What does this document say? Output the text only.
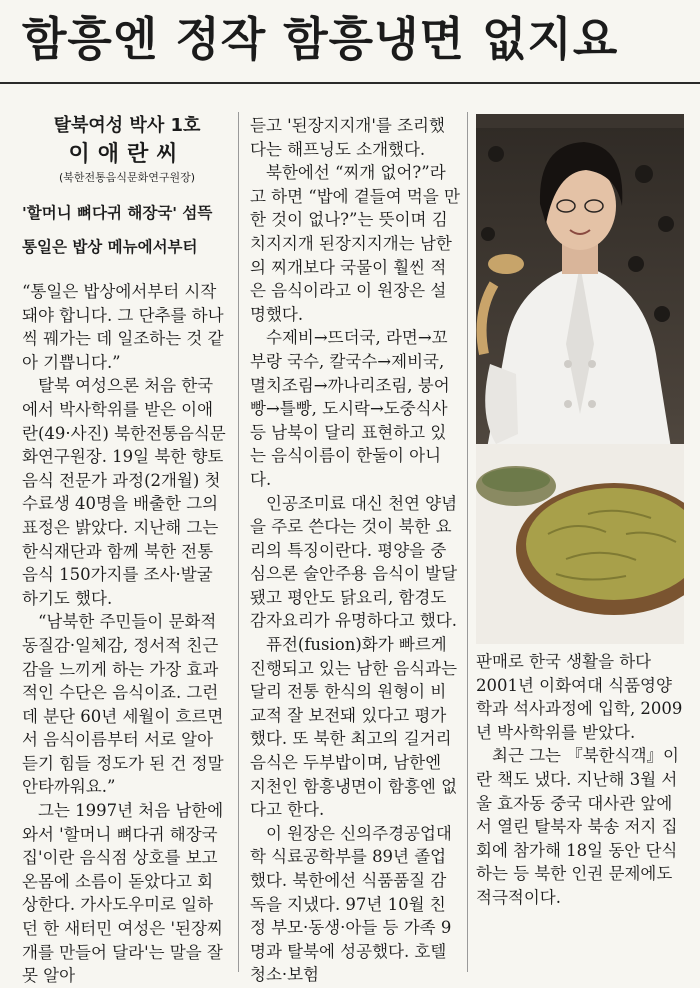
함흥엔 정작 함흥냉면 없지요
탈북여성 박사 1호
이애란씨
(북한전통음식문화연구원장)
'할머니 뼈다귀 해장국' 섬뜩
통일은 밥상 메뉴에서부터

“통일은 밥상에서부터 시작돼야 합니다. 그 단추를 하나씩 꿰가는 데 일조하는 것 같아 기쁩니다.”

탈북 여성으론 처음 한국에서 박사학위를 받은 이애란(49·사진) 북한전통음식문화연구원장. 19일 북한 향토음식 전문가 과정(2개월) 첫 수료생 40명을 배출한 그의 표정은 밝았다. 지난해 그는 한식재단과 함께 북한 전통음식 150가지를 조사·발굴하기도 했다.

“남북한 주민들이 문화적 동질감·일체감, 정서적 친근감을 느끼게 하는 가장 효과적인 수단은 음식이죠. 그런데 분단 60년 세월이 흐르면서 음식이름부터 서로 알아듣기 힘들 정도가 된 건 정말 안타까워요.”

그는 1997년 처음 남한에 와서 '할머니 뼈다귀 해장국집'이란 음식점 상호를 보고 온몸에 소름이 돋았다고 회상한다. 가사도우미로 일하던 한 새터민 여성은 '된장찌개를 만들어 달라'는 말을 잘못 알아

듣고 '된장지지개'를 조리했다는 해프닝도 소개했다.

북한에선 “찌개 없어?”라고 하면 “밥에 곁들여 먹을 만한 것이 없나?”는 뜻이며 김치지지개 된장지지개는 남한의 찌개보다 국물이 훨씬 적은 음식이라고 이 원장은 설명했다.

수제비→뜨더국, 라면→꼬부랑 국수, 칼국수→제비국, 멸치조림→까나리조림, 붕어빵→틀빵, 도시락→도중식사 등 남북이 달리 표현하고 있는 음식이름이 한둘이 아니다.

인공조미료 대신 천연 양념을 주로 쓴다는 것이 북한 요리의 특징이란다. 평양을 중심으론 술안주용 음식이 발달됐고 평안도 닭요리, 함경도 감자요리가 유명하다고 했다.

퓨전(fusion)화가 빠르게 진행되고 있는 남한 음식과는 달리 전통 한식의 원형이 비교적 잘 보전돼 있다고 평가했다. 또 북한 최고의 길거리 음식은 두부밥이며, 남한엔 지천인 함흥냉면이 함흥엔 없다고 한다.

이 원장은 신의주경공업대학 식료공학부를 89년 졸업했다. 북한에선 식품품질 감독을 지냈다. 97년 10월 친정 부모·동생·아들 등 가족 9명과 탈북에 성공했다. 호텔 청소·보험

판매로 한국 생활을 하다 2001년 이화여대 식품영양학과 석사과정에 입학, 2009년 박사학위를 받았다.

최근 그는 『북한식객』이란 책도 냈다. 지난해 3월 서울 효자동 중국 대사관 앞에서 열린 탈북자 북송 저지 집회에 참가해 18일 동안 단식하는 등 북한 인권 문제에도 적극적이다.
